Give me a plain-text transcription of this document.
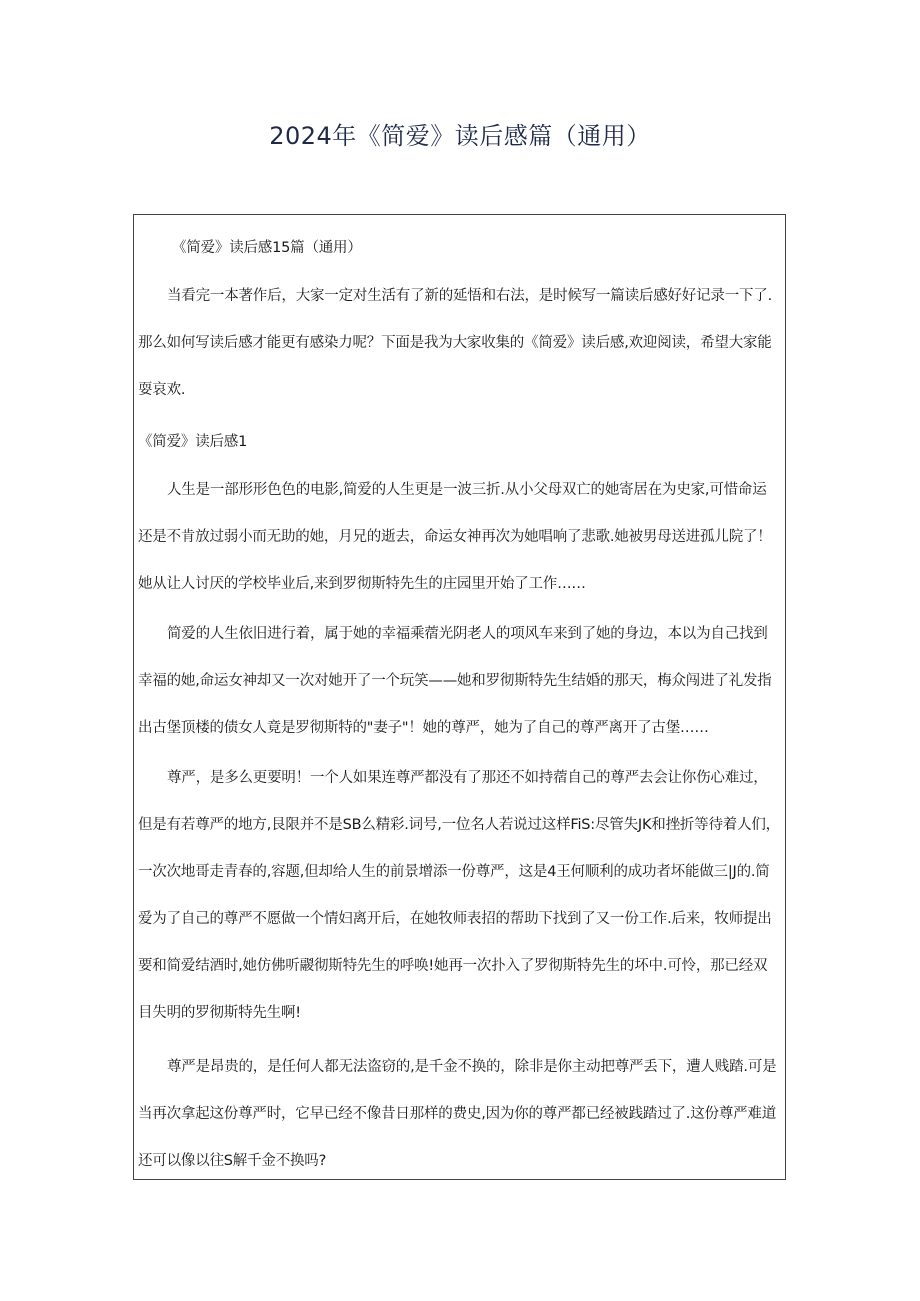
2024年《简爱》读后感篇（通用）

《简爱》读后感15篇（通用）

当看完一本著作后，大家一定对生活有了新的延悟和右法，是时候写一篇读后感好好记录一下了.
那么如何写读后感才能更有感染力呢？下面是我为大家收集的《简爱》读后感,欢迎阅读，希望大家能
耍哀欢.

《简爱》读后感1

人生是一部形形色色的电影,简爱的人生更是一波三折.从小父母双亡的她寄居在为史家,可惜命运
还是不肯放过弱小而无助的她，月兄的逝去，命运女神再次为她唱响了悲歌.她被男母送进孤儿院了！
她从让人讨厌的学校毕业后,来到罗彻斯特先生的庄园里开始了工作……
简爱的人生依旧进行着，属于她的幸福乘蓿光阴老人的项风车来到了她的身边，本以为自己找到
幸福的她,命运女神却又一次对她开了一个玩笑——她和罗彻斯特先生结婚的那天，梅众闯进了礼发指
出古堡顶楼的债女人竟是罗彻斯特的"妻子"！她的尊严，她为了自己的尊严离开了古堡……
尊严，是多么更要明！一个人如果连尊严都没有了那还不如持蓿自己的尊严去会让你伤心难过，
但是有若尊严的地方,艮限并不是SB么精彩.词号,一位名人若说过这样FiS:尽管失JK和挫折等待着人们，
一次次地哥走青春的,容题,但却给人生的前景增添一份尊严，这是4王何顺利的成功者坏能做三|J的.简
爱为了自己的尊严不愿做一个情妇离开后，在她牧师表招的帮助下找到了又一份工作.后来，牧师提出
要和简爱结酒时,她仿佛听鬷彻斯特先生的呼唤!她再一次扑入了罗彻斯特先生的坏中.可怜，那已经双
目失明的罗彻斯特先生啊!
尊严是昂贵的，是任何人都无法盗窃的,是千金不换的，除非是你主动把尊严丢下，遭人贱踏.可是
当再次拿起这份尊严时，它早已经不像昔日那样的费史,因为你的尊严都已经被践踏过了.这份尊严难道
还可以像以往S解千金不换吗?
